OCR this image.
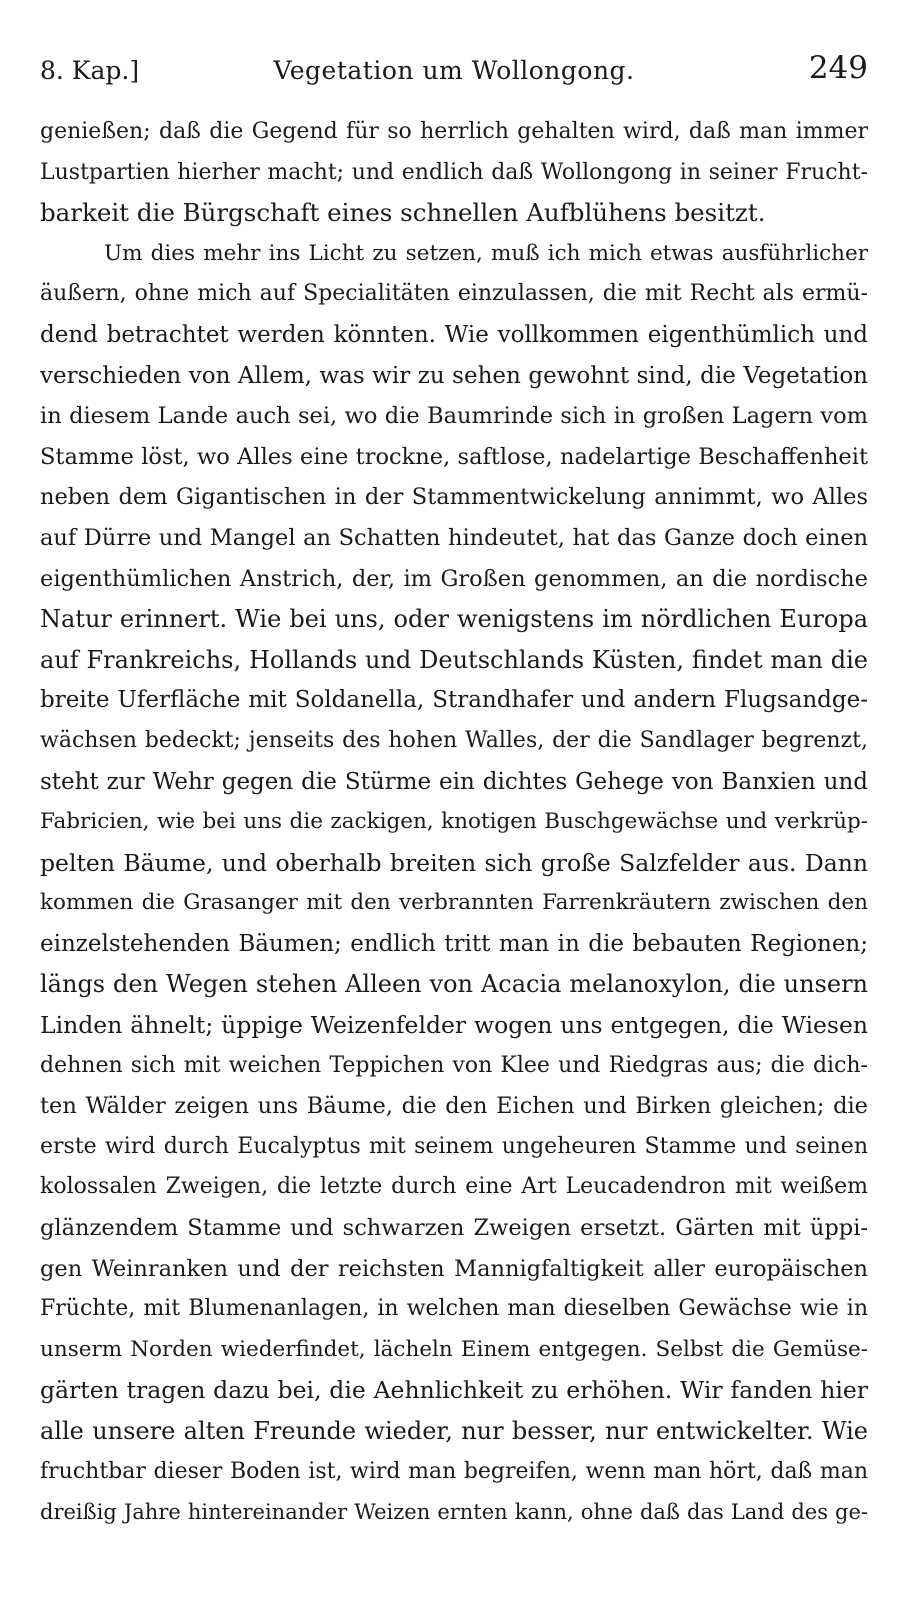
8. Kap.]	Vegetation um Wollongong.	249
genießen; daß die Gegend für so herrlich gehalten wird, daß man immer
Lustpartien hierher macht; und endlich daß Wollongong in seiner Frucht-
barkeit die Bürgschaft eines schnellen Aufblühens besitzt.
Um dies mehr ins Licht zu setzen, muß ich mich etwas ausführlicher
äußern, ohne mich auf Specialitäten einzulassen, die mit Recht als ermü-
dend betrachtet werden könnten. Wie vollkommen eigenthümlich und
verschieden von Allem, was wir zu sehen gewohnt sind, die Vegetation
in diesem Lande auch sei, wo die Baumrinde sich in großen Lagern vom
Stamme löst, wo Alles eine trockne, saftlose, nadelartige Beschaffenheit
neben dem Gigantischen in der Stammentwickelung annimmt, wo Alles
auf Dürre und Mangel an Schatten hindeutet, hat das Ganze doch einen
eigenthümlichen Anstrich, der, im Großen genommen, an die nordische
Natur erinnert. Wie bei uns, oder wenigstens im nördlichen Europa
auf Frankreichs, Hollands und Deutschlands Küsten, findet man die
breite Uferfläche mit Soldanella, Strandhafer und andern Flugsandge-
wächsen bedeckt; jenseits des hohen Walles, der die Sandlager begrenzt,
steht zur Wehr gegen die Stürme ein dichtes Gehege von Banxien und
Fabricien, wie bei uns die zackigen, knotigen Buschgewächse und verkrüp-
pelten Bäume, und oberhalb breiten sich große Salzfelder aus. Dann
kommen die Grasanger mit den verbrannten Farrenkräutern zwischen den
einzelstehenden Bäumen; endlich tritt man in die bebauten Regionen;
längs den Wegen stehen Alleen von Acacia melanoxylon, die unsern
Linden ähnelt; üppige Weizenfelder wogen uns entgegen, die Wiesen
dehnen sich mit weichen Teppichen von Klee und Riedgras aus; die dich-
ten Wälder zeigen uns Bäume, die den Eichen und Birken gleichen; die
erste wird durch Eucalyptus mit seinem ungeheuren Stamme und seinen
kolossalen Zweigen, die letzte durch eine Art Leucadendron mit weißem
glänzendem Stamme und schwarzen Zweigen ersetzt. Gärten mit üppi-
gen Weinranken und der reichsten Mannigfaltigkeit aller europäischen
Früchte, mit Blumenanlagen, in welchen man dieselben Gewächse wie in
unserm Norden wiederfindet, lächeln Einem entgegen. Selbst die Gemüse-
gärten tragen dazu bei, die Aehnlichkeit zu erhöhen. Wir fanden hier
alle unsere alten Freunde wieder, nur besser, nur entwickelter. Wie
fruchtbar dieser Boden ist, wird man begreifen, wenn man hört, daß man
dreißig Jahre hintereinander Weizen ernten kann, ohne daß das Land des ge-
